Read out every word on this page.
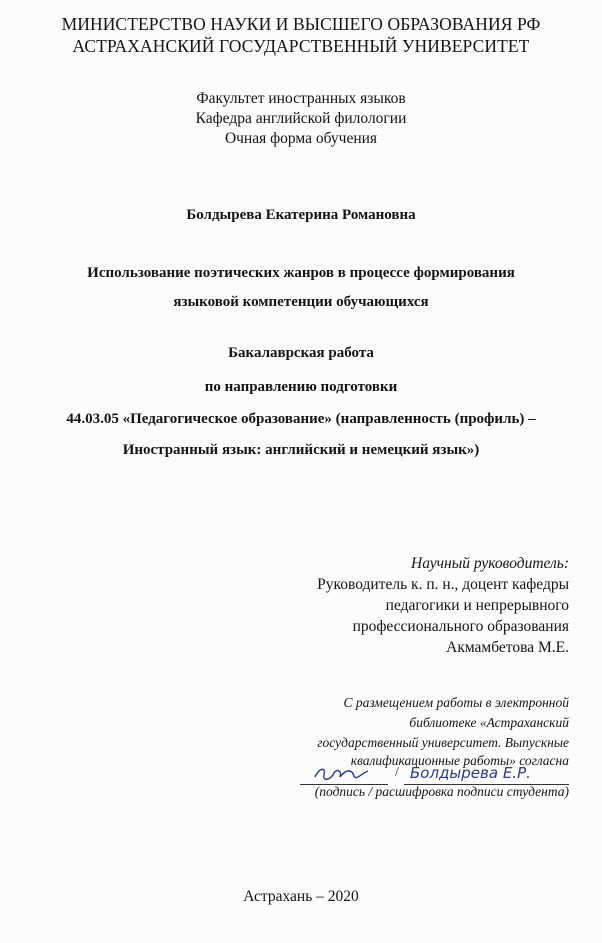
МИНИСТЕРСТВО НАУКИ И ВЫСШЕГО ОБРАЗОВАНИЯ РФ
АСТРАХАНСКИЙ ГОСУДАРСТВЕННЫЙ УНИВЕРСИТЕТ
Факультет иностранных языков
Кафедра английской филологии
Очная форма обучения
Болдырева Екатерина Романовна
Использование поэтических жанров в процессе формирования
языковой компетенции обучающихся
Бакалаврская работа
по направлению подготовки
44.03.05 «Педагогическое образование» (направленность (профиль) –
Иностранный язык: английский и немецкий язык»)
Научный руководитель:
Руководитель к. п. н., доцент кафедры
педагогики и непрерывного
профессионального образования
Акмамбетова М.Е.
С размещением работы в электронной
библиотеке «Астраханский
государственный университет. Выпускные
квалификационные работы» согласна
/ Болдырева Е.Р.
(подпись / расшифровка подписи студента)
Астрахань – 2020
